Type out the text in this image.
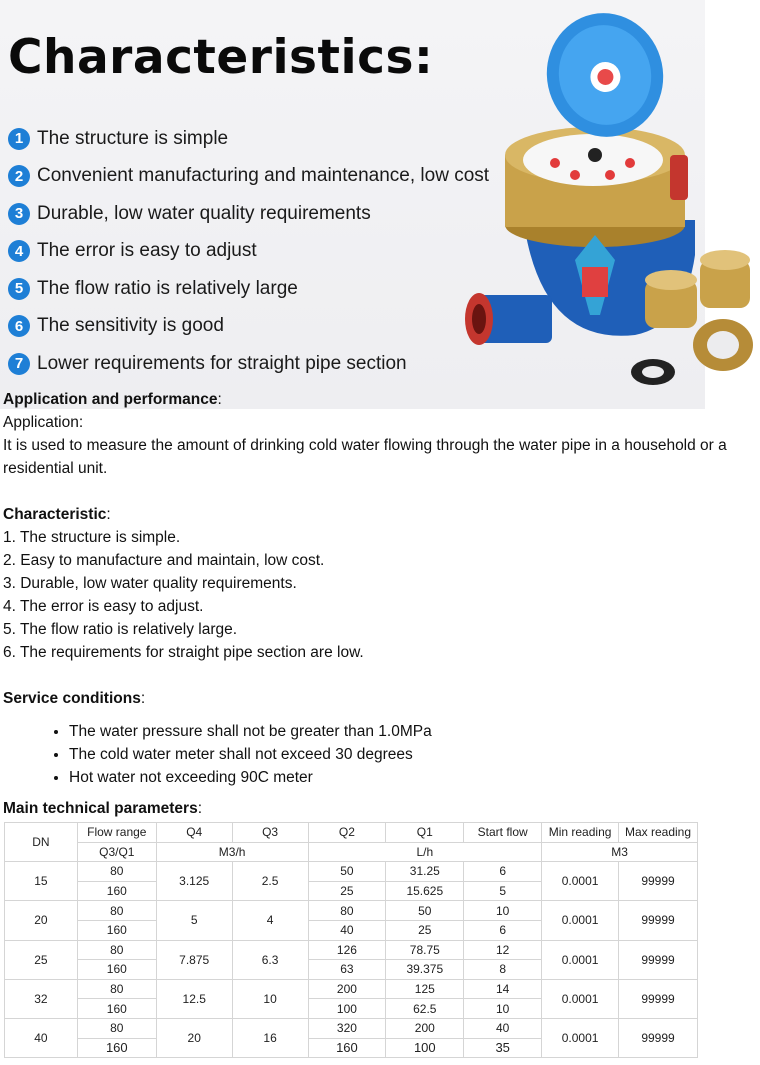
Characteristics:
1 The structure is simple
2 Convenient manufacturing and maintenance, low cost
3 Durable, low water quality requirements
4 The error is easy to adjust
5 The flow ratio is relatively large
6 The sensitivity is good
7 Lower requirements for straight pipe section

Application and performance:

Application:

It is used to measure the amount of drinking cold water flowing through the water pipe in a household or a residential unit.

Characteristic:

1. The structure is simple.

2. Easy to manufacture and maintain, low cost.

3. Durable, low water quality requirements.

4. The error is easy to adjust.

5. The flow ratio is relatively large.

6. The requirements for straight pipe section are low.

Service conditions:

• The water pressure shall not be greater than 1.0MPa
• The cold water meter shall not exceed 30 degrees
• Hot water not exceeding 90C meter
Main technical parameters:
DN	Flow range	Q4	Q3	Q2	Q1	Start flow	Min reading	Max reading
	Q3/Q1	M3/h		L/h			M3	
15	80	3.125	2.5	50	31.25	6	0.0001	99999
	160			25	15.625	5		
20	80	5	4	80	50	10	0.0001	99999
	160			40	25	6		
25	80	7.875	6.3	126	78.75	12	0.0001	99999
	160			63	39.375	8		
32	80	12.5	10	200	125	14	0.0001	99999
	160			100	62.5	10		
40	80	20	16	320	200	40	0.0001	99999
	160			160	100	35		
